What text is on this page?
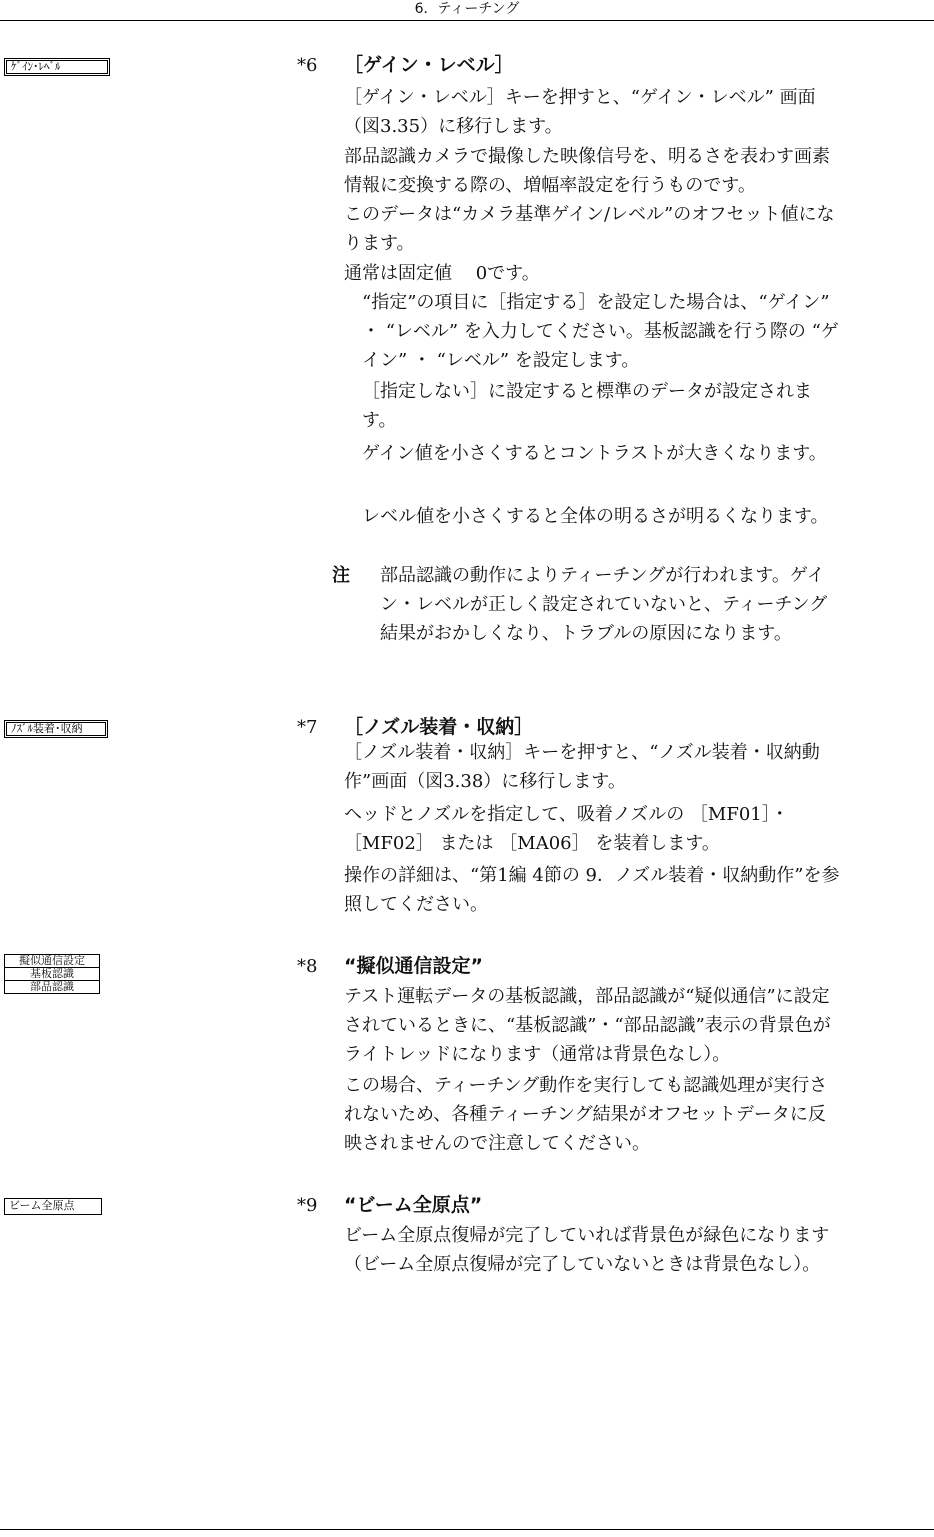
6．ティーチング
ｹﾞｲﾝ･ﾚﾍﾞﾙ
ﾉｽﾞﾙ装着･収納
擬似通信設定
基板認識
部品認識
ビーム全原点
*6 ［ゲイン・レベル］
［ゲイン・レベル］キーを押すと、“ゲイン・レベル” 画面（図3.35）に移行します。
部品認識カメラで撮像した映像信号を、明るさを表わす画素情報に変換する際の、増幅率設定を行うものです。
このデータは“カメラ基準ゲイン/レベル”のオフセット値になります。
通常は固定値　 0です。
“指定”の項目に［指定する］を設定した場合は、“ゲイン” ・ “レベル” を入力してください。基板認識を行う際の “ゲイン” ・ “レベル” を設定します。
［指定しない］に設定すると標準のデータが設定されます。
ゲイン値を小さくするとコントラストが大きくなります。
レベル値を小さくすると全体の明るさが明るくなります。
注 部品認識の動作によりティーチングが行われます。ゲイン・レベルが正しく設定されていないと、ティーチング結果がおかしくなり、トラブルの原因になります。
*7 ［ノズル装着・収納］
［ノズル装着・収納］キーを押すと、“ノズル装着・収納動作”画面（図3.38）に移行します。
ヘッドとノズルを指定して、吸着ノズルの ［MF01］・［MF02］ または ［MA06］ を装着します。
操作の詳細は、“第1編 4節の 9．ノズル装着・収納動作”を参照してください。
*8 “擬似通信設定”
テスト運転データの基板認識，部品認識が“疑似通信”に設定されているときに、“基板認識”・“部品認識”表示の背景色がライトレッドになります（通常は背景色なし）。
この場合、ティーチング動作を実行しても認識処理が実行されないため、各種ティーチング結果がオフセットデータに反映されませんので注意してください。
*9 “ビーム全原点”
ビーム全原点復帰が完了していれば背景色が緑色になります（ビーム全原点復帰が完了していないときは背景色なし）。
